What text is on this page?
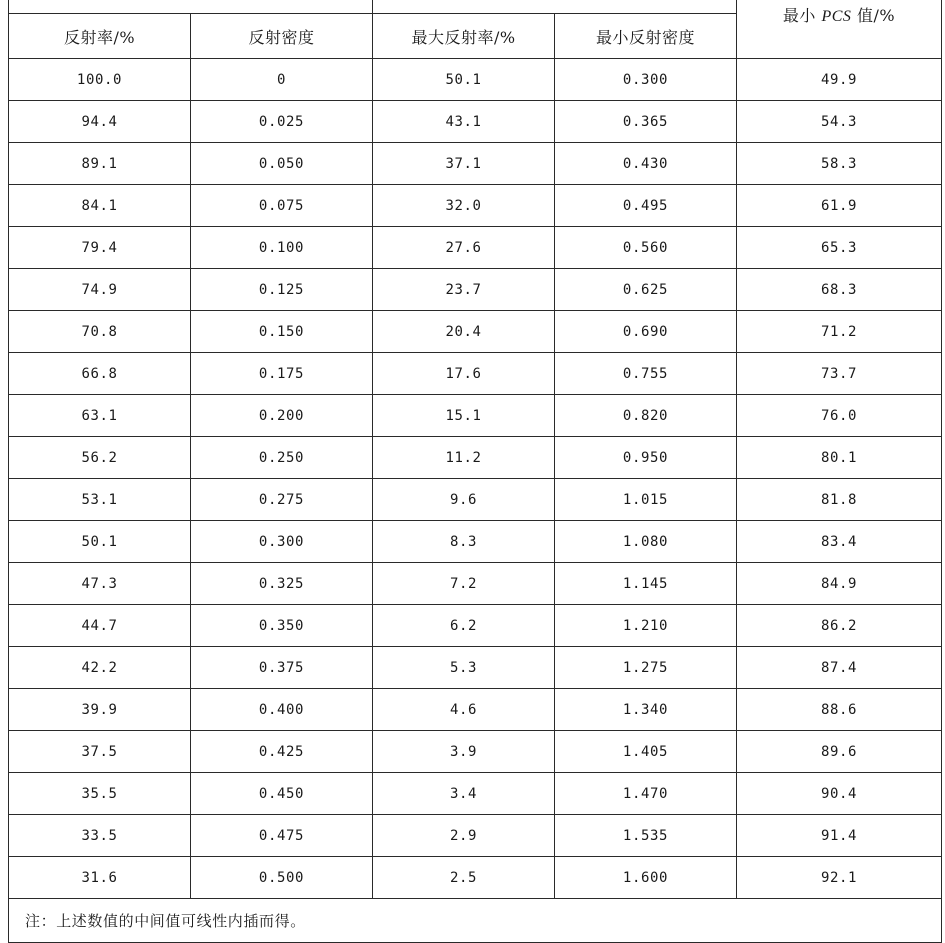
				最小 PCS 值/%
反射率/%	反射密度	最大反射率/%	最小反射密度	
100.0	0	50.1	0.300	49.9
94.4	0.025	43.1	0.365	54.3
89.1	0.050	37.1	0.430	58.3
84.1	0.075	32.0	0.495	61.9
79.4	0.100	27.6	0.560	65.3
74.9	0.125	23.7	0.625	68.3
70.8	0.150	20.4	0.690	71.2
66.8	0.175	17.6	0.755	73.7
63.1	0.200	15.1	0.820	76.0
56.2	0.250	11.2	0.950	80.1
53.1	0.275	9.6	1.015	81.8
50.1	0.300	8.3	1.080	83.4
47.3	0.325	7.2	1.145	84.9
44.7	0.350	6.2	1.210	86.2
42.2	0.375	5.3	1.275	87.4
39.9	0.400	4.6	1.340	88.6
37.5	0.425	3.9	1.405	89.6
35.5	0.450	3.4	1.470	90.4
33.5	0.475	2.9	1.535	91.4
31.6	0.500	2.5	1.600	92.1
注：上述数值的中间值可线性内插而得。				
